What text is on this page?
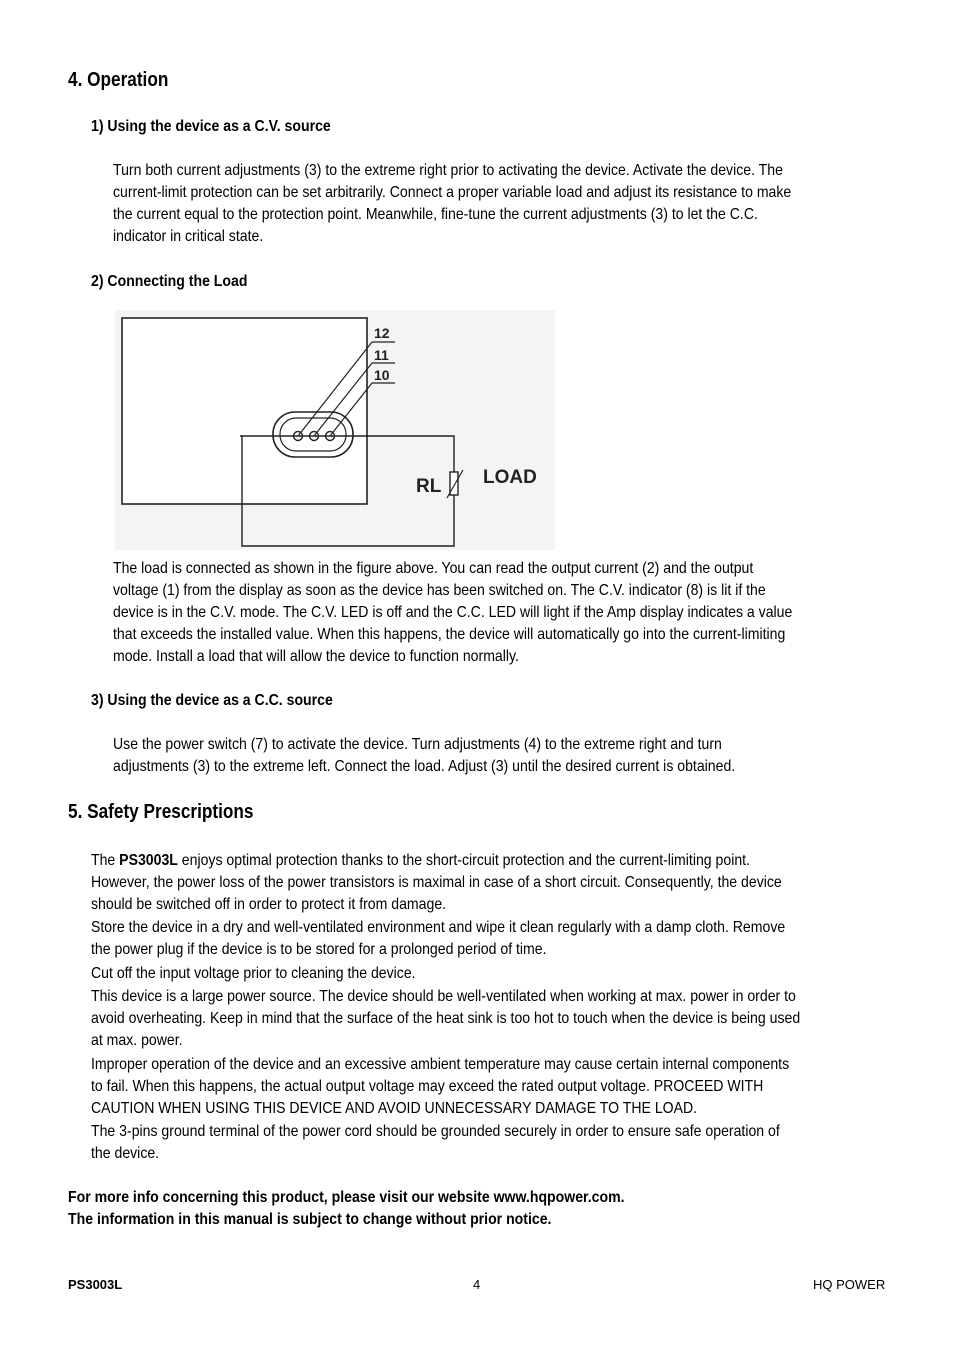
4. Operation
1) Using the device as a C.V. source
Turn both current adjustments (3) to the extreme right prior to activating the device. Activate the device. The
current-limit protection can be set arbitrarily. Connect a proper variable load and adjust its resistance to make
the current equal to the protection point. Meanwhile, fine-tune the current adjustments (3) to let the C.C.
indicator in critical state.
2) Connecting the Load
12
11
10
RL LOAD
The load is connected as shown in the figure above. You can read the output current (2) and the output
voltage (1) from the display as soon as the device has been switched on. The C.V. indicator (8) is lit if the
device is in the C.V. mode. The C.V. LED is off and the C.C. LED will light if the Amp display indicates a value
that exceeds the installed value. When this happens, the device will automatically go into the current-limiting
mode. Install a load that will allow the device to function normally.
3) Using the device as a C.C. source
Use the power switch (7) to activate the device. Turn adjustments (4) to the extreme right and turn
adjustments (3) to the extreme left. Connect the load. Adjust (3) until the desired current is obtained.
5. Safety Prescriptions
The PS3003L enjoys optimal protection thanks to the short-circuit protection and the current-limiting point.
However, the power loss of the power transistors is maximal in case of a short circuit. Consequently, the device
should be switched off in order to protect it from damage.
Store the device in a dry and well-ventilated environment and wipe it clean regularly with a damp cloth. Remove
the power plug if the device is to be stored for a prolonged period of time.
Cut off the input voltage prior to cleaning the device.
This device is a large power source. The device should be well-ventilated when working at max. power in order to
avoid overheating. Keep in mind that the surface of the heat sink is too hot to touch when the device is being used
at max. power.
Improper operation of the device and an excessive ambient temperature may cause certain internal components
to fail. When this happens, the actual output voltage may exceed the rated output voltage. PROCEED WITH
CAUTION WHEN USING THIS DEVICE AND AVOID UNNECESSARY DAMAGE TO THE LOAD.
The 3-pins ground terminal of the power cord should be grounded securely in order to ensure safe operation of
the device.
For more info concerning this product, please visit our website www.hqpower.com.
The information in this manual is subject to change without prior notice.
PS3003L	4	HQ POWER
